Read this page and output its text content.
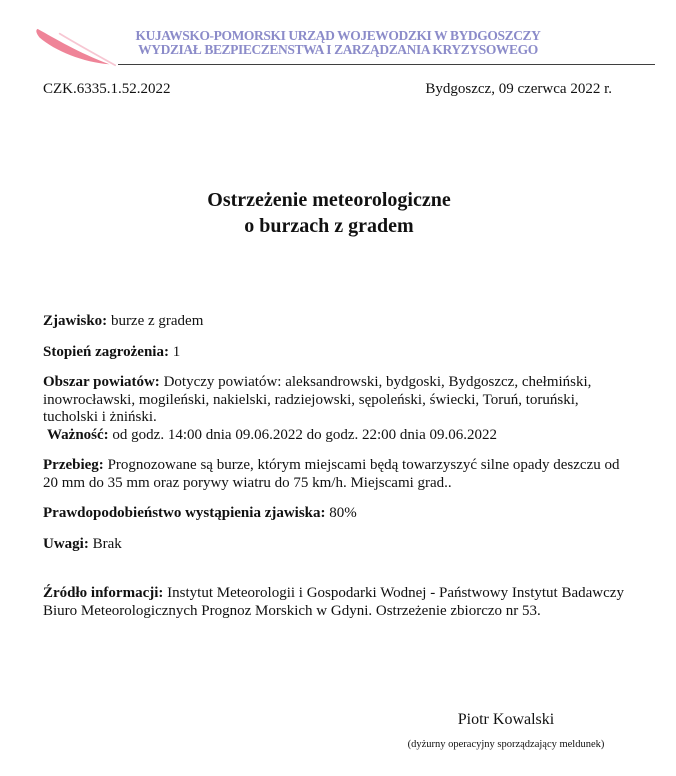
KUJAWSKO-POMORSKI URZĄD WOJEWODZKI W BYDGOSZCZY
WYDZIAŁ BEZPIECZENSTWA I ZARZĄDZANIA KRYZYSOWEGO
CZK.6335.1.52.2022	Bydgoszcz, 09 czerwca 2022 r.
Ostrzeżenie meteorologiczne
o burzach z gradem

Zjawisko: burze z gradem

Stopień zagrożenia: 1

Obszar powiatów: Dotyczy powiatów: aleksandrowski, bydgoski, Bydgoszcz, chełmiński, inowrocławski, mogileński, nakielski, radziejowski, sępoleński, świecki, Toruń, toruński, tucholski i żniński.

Ważność: od godz. 14:00 dnia 09.06.2022 do godz. 22:00 dnia 09.06.2022

Przebieg: Prognozowane są burze, którym miejscami będą towarzyszyć silne opady deszczu od 20 mm do 35 mm oraz porywy wiatru do 75 km/h. Miejscami grad..

Prawdopodobieństwo wystąpienia zjawiska: 80%

Uwagi: Brak

Źródło informacji: Instytut Meteorologii i Gospodarki Wodnej - Państwowy Instytut Badawczy Biuro Meteorologicznych Prognoz Morskich w Gdyni. Ostrzeżenie zbiorczo nr 53.

Piotr Kowalski
(dyżurny operacyjny sporządzający meldunek)
